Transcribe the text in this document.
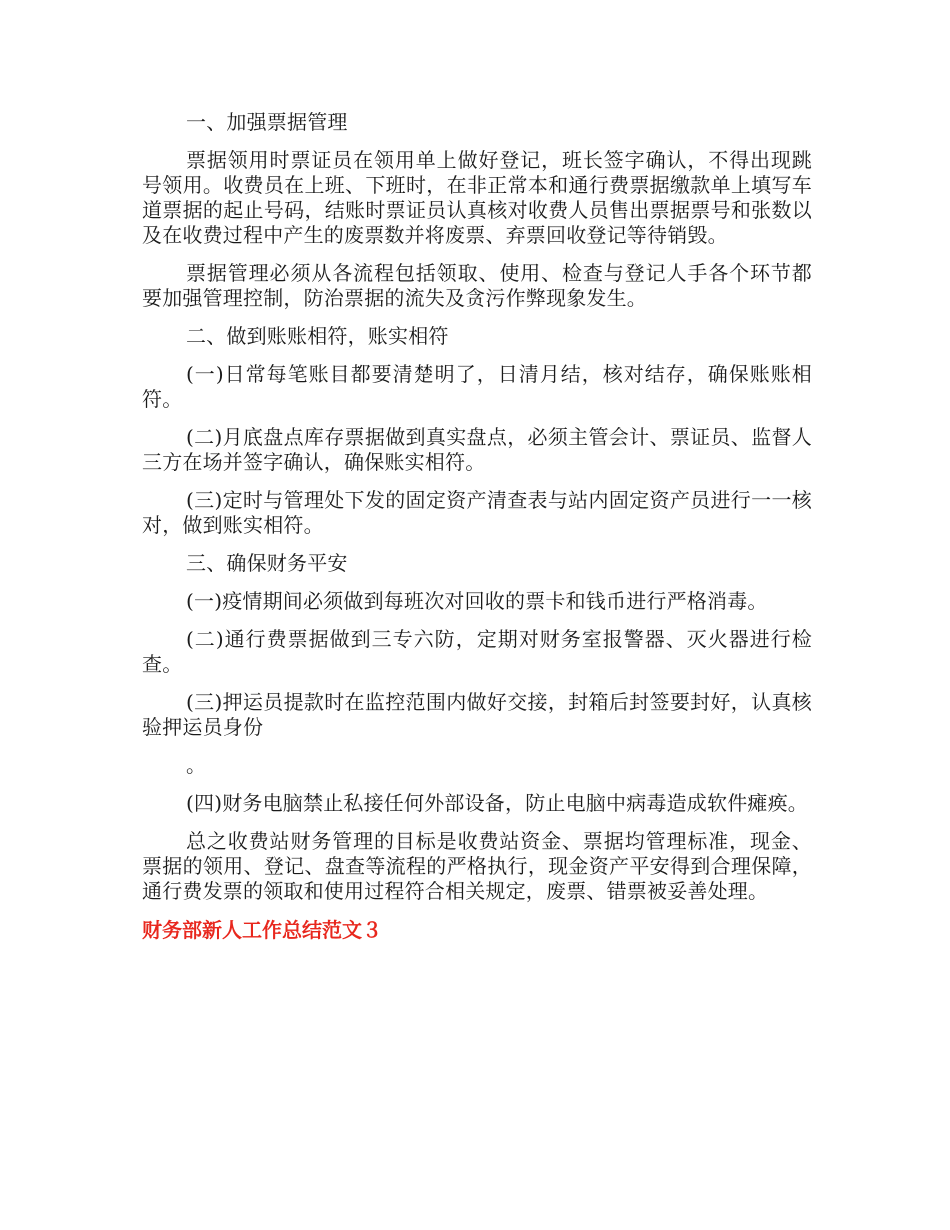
一、加强票据管理

票据领用时票证员在领用单上做好登记，班长签字确认，不得出现跳号领用。收费员在上班、下班时，在非正常本和通行费票据缴款单上填写车道票据的起止号码，结账时票证员认真核对收费人员售出票据票号和张数以及在收费过程中产生的废票数并将废票、弃票回收登记等待销毁。

票据管理必须从各流程包括领取、使用、检查与登记人手各个环节都要加强管理控制，防治票据的流失及贪污作弊现象发生。

二、做到账账相符，账实相符

(一)日常每笔账目都要清楚明了，日清月结，核对结存，确保账账相符。

(二)月底盘点库存票据做到真实盘点，必须主管会计、票证员、监督人三方在场并签字确认，确保账实相符。

(三)定时与管理处下发的固定资产清查表与站内固定资产员进行一一核对，做到账实相符。

三、确保财务平安

(一)疫情期间必须做到每班次对回收的票卡和钱币进行严格消毒。

(二)通行费票据做到三专六防，定期对财务室报警器、灭火器进行检查。

(三)押运员提款时在监控范围内做好交接，封箱后封签要封好，认真核验押运员身份

。

(四)财务电脑禁止私接任何外部设备，防止电脑中病毒造成软件瘫痪。

总之收费站财务管理的目标是收费站资金、票据均管理标准，现金、票据的领用、登记、盘查等流程的严格执行，现金资产平安得到合理保障，通行费发票的领取和使用过程符合相关规定，废票、错票被妥善处理。

财务部新人工作总结范文３
